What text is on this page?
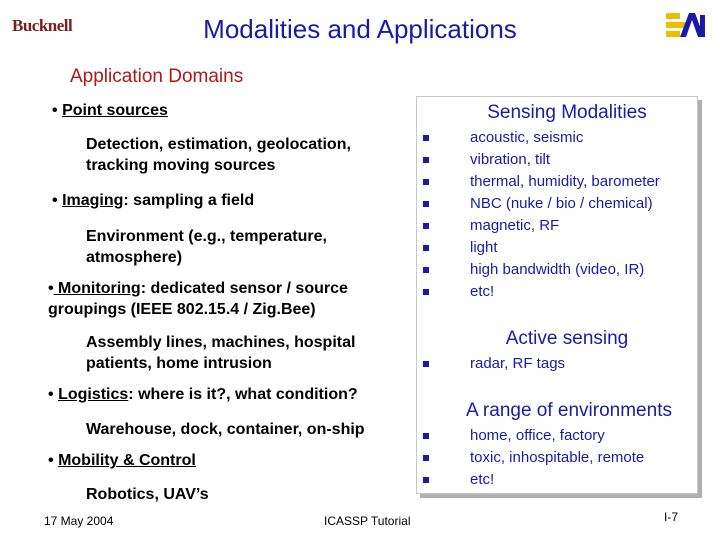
Bucknell	Modalities and Applications
Application Domains
• Point sources
Detection, estimation, geolocation, tracking moving sources
• Imaging: sampling a field
Environment (e.g., temperature, atmosphere)
• Monitoring: dedicated sensor / source groupings (IEEE 802.15.4 / Zig.Bee)
Assembly lines, machines, hospital patients, home intrusion
• Logistics: where is it?, what condition?
Warehouse, dock, container, on-ship
• Mobility & Control
Robotics, UAV’s
Sensing Modalities
acoustic, seismic
vibration, tilt
thermal, humidity, barometer
NBC (nuke / bio / chemical)
magnetic, RF
light
high bandwidth (video, IR)
etc!
Active sensing
radar, RF tags
A range of environments
home, office, factory
toxic, inhospitable, remote
etc!
17 May 2004	ICASSP Tutorial	I-7
